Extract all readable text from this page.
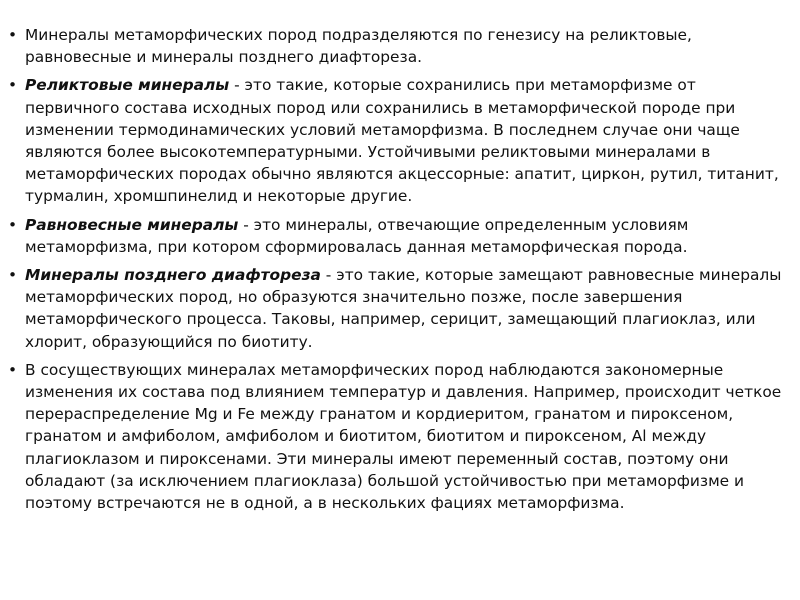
• Минералы метаморфических пород подразделяются по генезису на реликтовые, равновесные и минералы позднего диафтореза.
• Реликтовые минералы - это такие, которые сохранились при метаморфизме от первичного состава исходных пород или сохранились в метаморфической породе при изменении термодинамических условий метаморфизма. В последнем случае они чаще являются более высокотемпературными. Устойчивыми реликтовыми минералами в метаморфических породах обычно являются акцессорные: апатит, циркон, рутил, титанит, турмалин, хромшпинелид и некоторые другие.
• Равновесные минералы - это минералы, отвечающие определенным условиям метаморфизма, при котором сформировалась данная метаморфическая порода.
• Минералы позднего диафтореза - это такие, которые замещают равновесные минералы метаморфических пород, но образуются значительно позже, после завершения метаморфического процесса. Таковы, например, серицит, замещающий плагиоклаз, или хлорит, образующийся по биотиту.
• В сосуществующих минералах метаморфических пород наблюдаются закономерные изменения их состава под влиянием температур и давления. Например, происходит четкое перераспределение Mg и Fe между гранатом и кордиеритом, гранатом и пироксеном, гранатом и амфиболом, амфиболом и биотитом, биотитом и пироксеном, Al между плагиоклазом и пироксенами. Эти минералы имеют переменный состав, поэтому они обладают (за исключением плагиоклаза) большой устойчивостью при метаморфизме и поэтому встречаются не в одной, а в нескольких фациях метаморфизма.
